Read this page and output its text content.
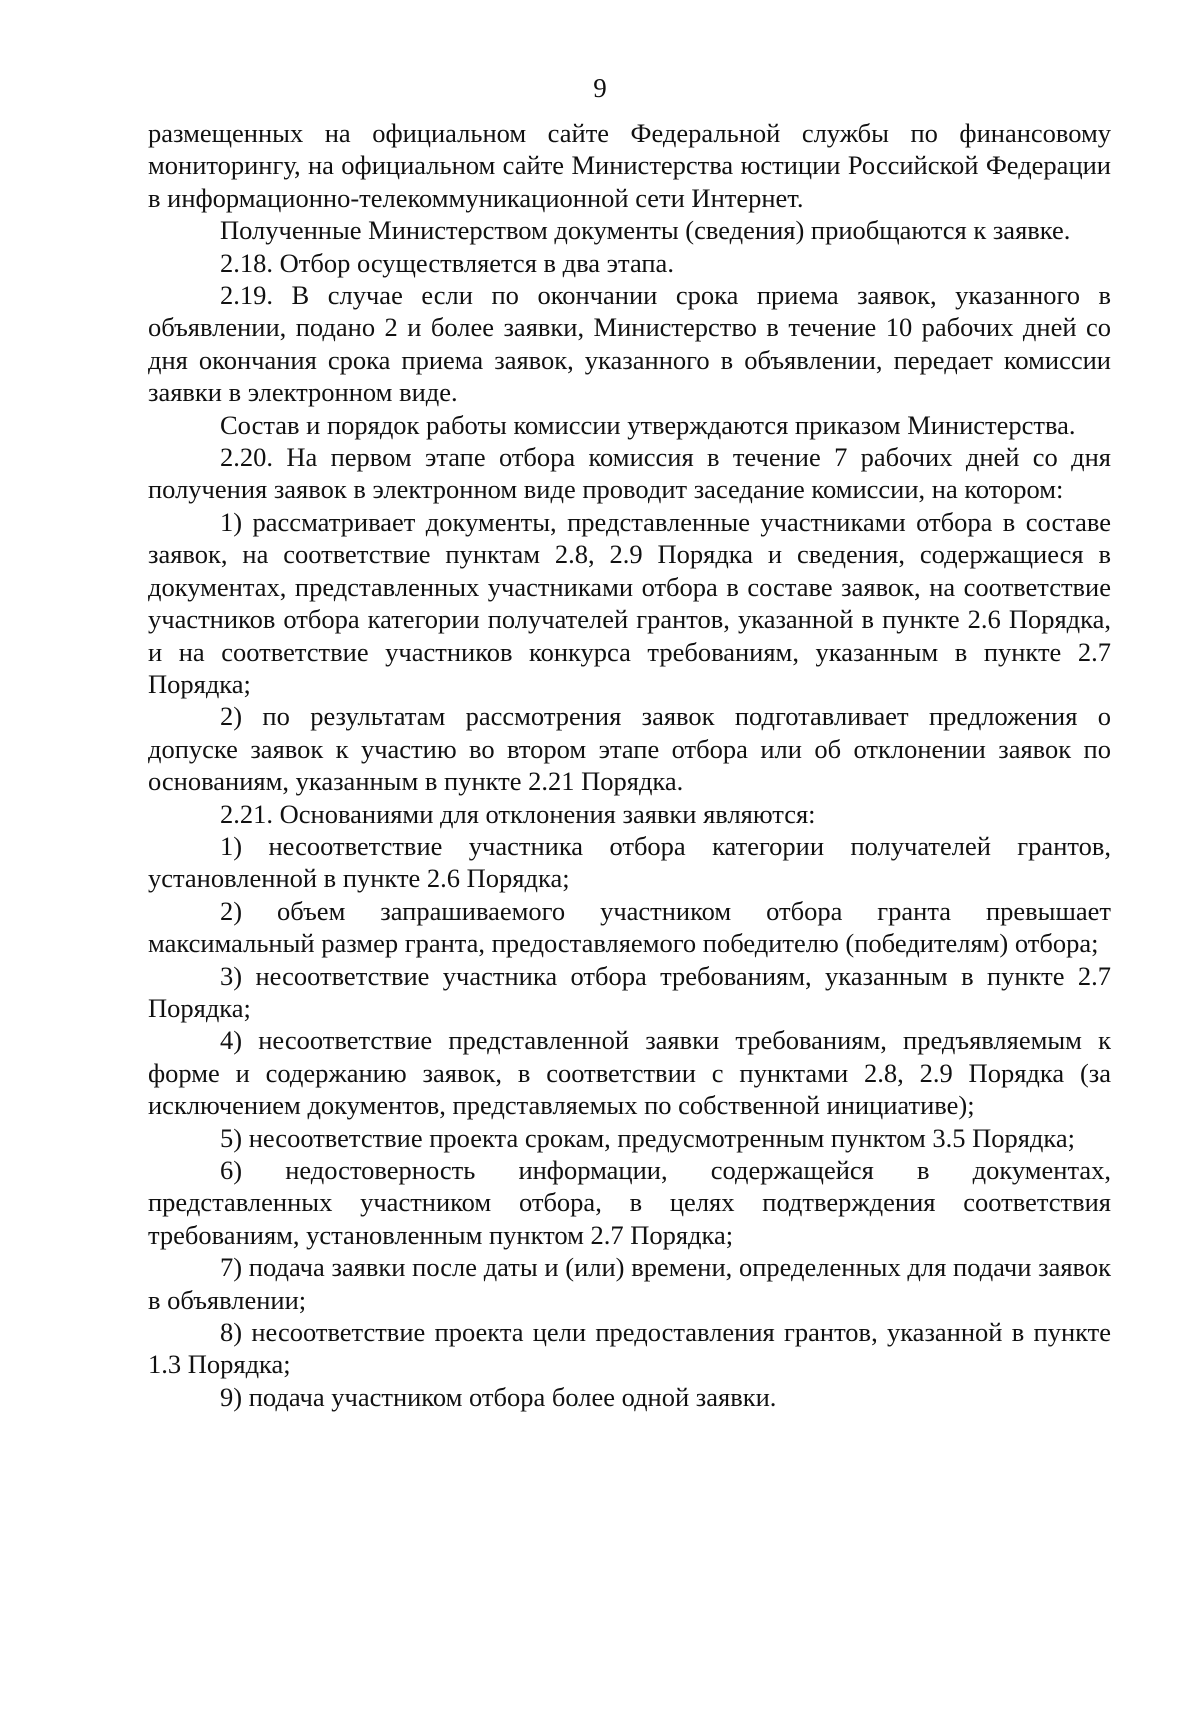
9

размещенных на официальном сайте Федеральной службы по финансовому мониторингу, на официальном сайте Министерства юстиции Российской Федерации в информационно-телекоммуникационной сети Интернет.

Полученные Министерством документы (сведения) приобщаются к заявке.

2.18. Отбор осуществляется в два этапа.

2.19. В случае если по окончании срока приема заявок, указанного в объявлении, подано 2 и более заявки, Министерство в течение 10 рабочих дней со дня окончания срока приема заявок, указанного в объявлении, передает комиссии заявки в электронном виде.

Состав и порядок работы комиссии утверждаются приказом Министерства.

2.20. На первом этапе отбора комиссия в течение 7 рабочих дней со дня получения заявок в электронном виде проводит заседание комиссии, на котором:

1) рассматривает документы, представленные участниками отбора в составе заявок, на соответствие пунктам 2.8, 2.9 Порядка и сведения, содержащиеся в документах, представленных участниками отбора в составе заявок, на соответствие участников отбора категории получателей грантов, указанной в пункте 2.6 Порядка, и на соответствие участников конкурса требованиям, указанным в пункте 2.7 Порядка;

2) по результатам рассмотрения заявок подготавливает предложения о допуске заявок к участию во втором этапе отбора или об отклонении заявок по основаниям, указанным в пункте 2.21 Порядка.

2.21. Основаниями для отклонения заявки являются:

1) несоответствие участника отбора категории получателей грантов, установленной в пункте 2.6 Порядка;

2) объем запрашиваемого участником отбора гранта превышает максимальный размер гранта, предоставляемого победителю (победителям) отбора;

3) несоответствие участника отбора требованиям, указанным в пункте 2.7 Порядка;

4) несоответствие представленной заявки требованиям, предъявляемым к форме и содержанию заявок, в соответствии с пунктами 2.8, 2.9 Порядка (за исключением документов, представляемых по собственной инициативе);

5) несоответствие проекта срокам, предусмотренным пунктом 3.5 Порядка;

6) недостоверность информации, содержащейся в документах, представленных участником отбора, в целях подтверждения соответствия требованиям, установленным пунктом 2.7 Порядка;

7) подача заявки после даты и (или) времени, определенных для подачи заявок в объявлении;

8) несоответствие проекта цели предоставления грантов, указанной в пункте 1.3 Порядка;

9) подача участником отбора более одной заявки.
